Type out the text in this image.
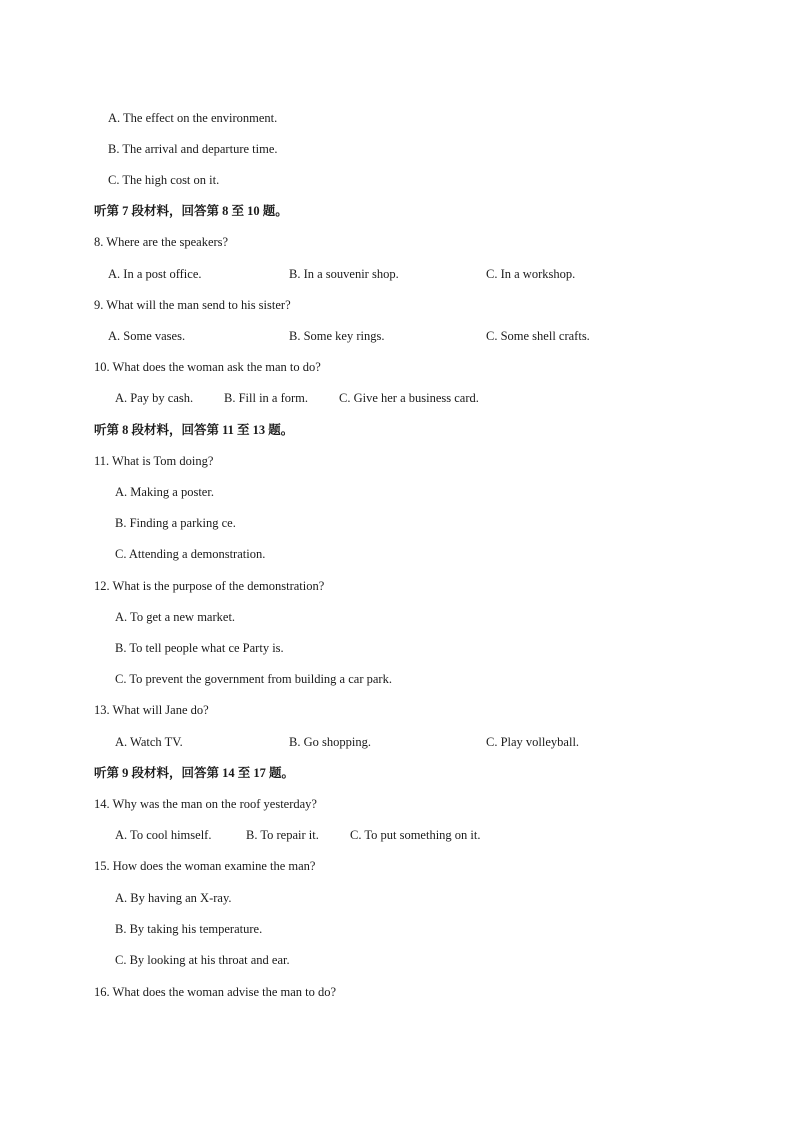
A. The effect on the environment.
B. The arrival and departure time.
C. The high cost on it.
听第 7 段材料，回答第 8 至 10 题。
8. Where are the speakers?
A. In a post office.	B. In a souvenir shop.	C. In a workshop.
9. What will the man send to his sister?
A. Some vases.	B. Some key rings.	C. Some shell crafts.
10. What does the woman ask the man to do?
A. Pay by cash. B. Fill in a form. C. Give her a business card.
听第 8 段材料，回答第 11 至 13 题。
11. What is Tom doing?
A. Making a poster.
B. Finding a parking ce.
C. Attending a demonstration.
12. What is the purpose of the demonstration?
A. To get a new market.
B. To tell people what ce Party is.
C. To prevent the government from building a car park.
13. What will Jane do?
A. Watch TV.	B. Go shopping.	C. Play volleyball.
听第 9 段材料，回答第 14 至 17 题。
14. Why was the man on the roof yesterday?
A. To cool himself.	B. To repair it. C. To put something on it.
15. How does the woman examine the man?
A. By having an X-ray.
B. By taking his temperature.
C. By looking at his throat and ear.
16. What does the woman advise the man to do?
